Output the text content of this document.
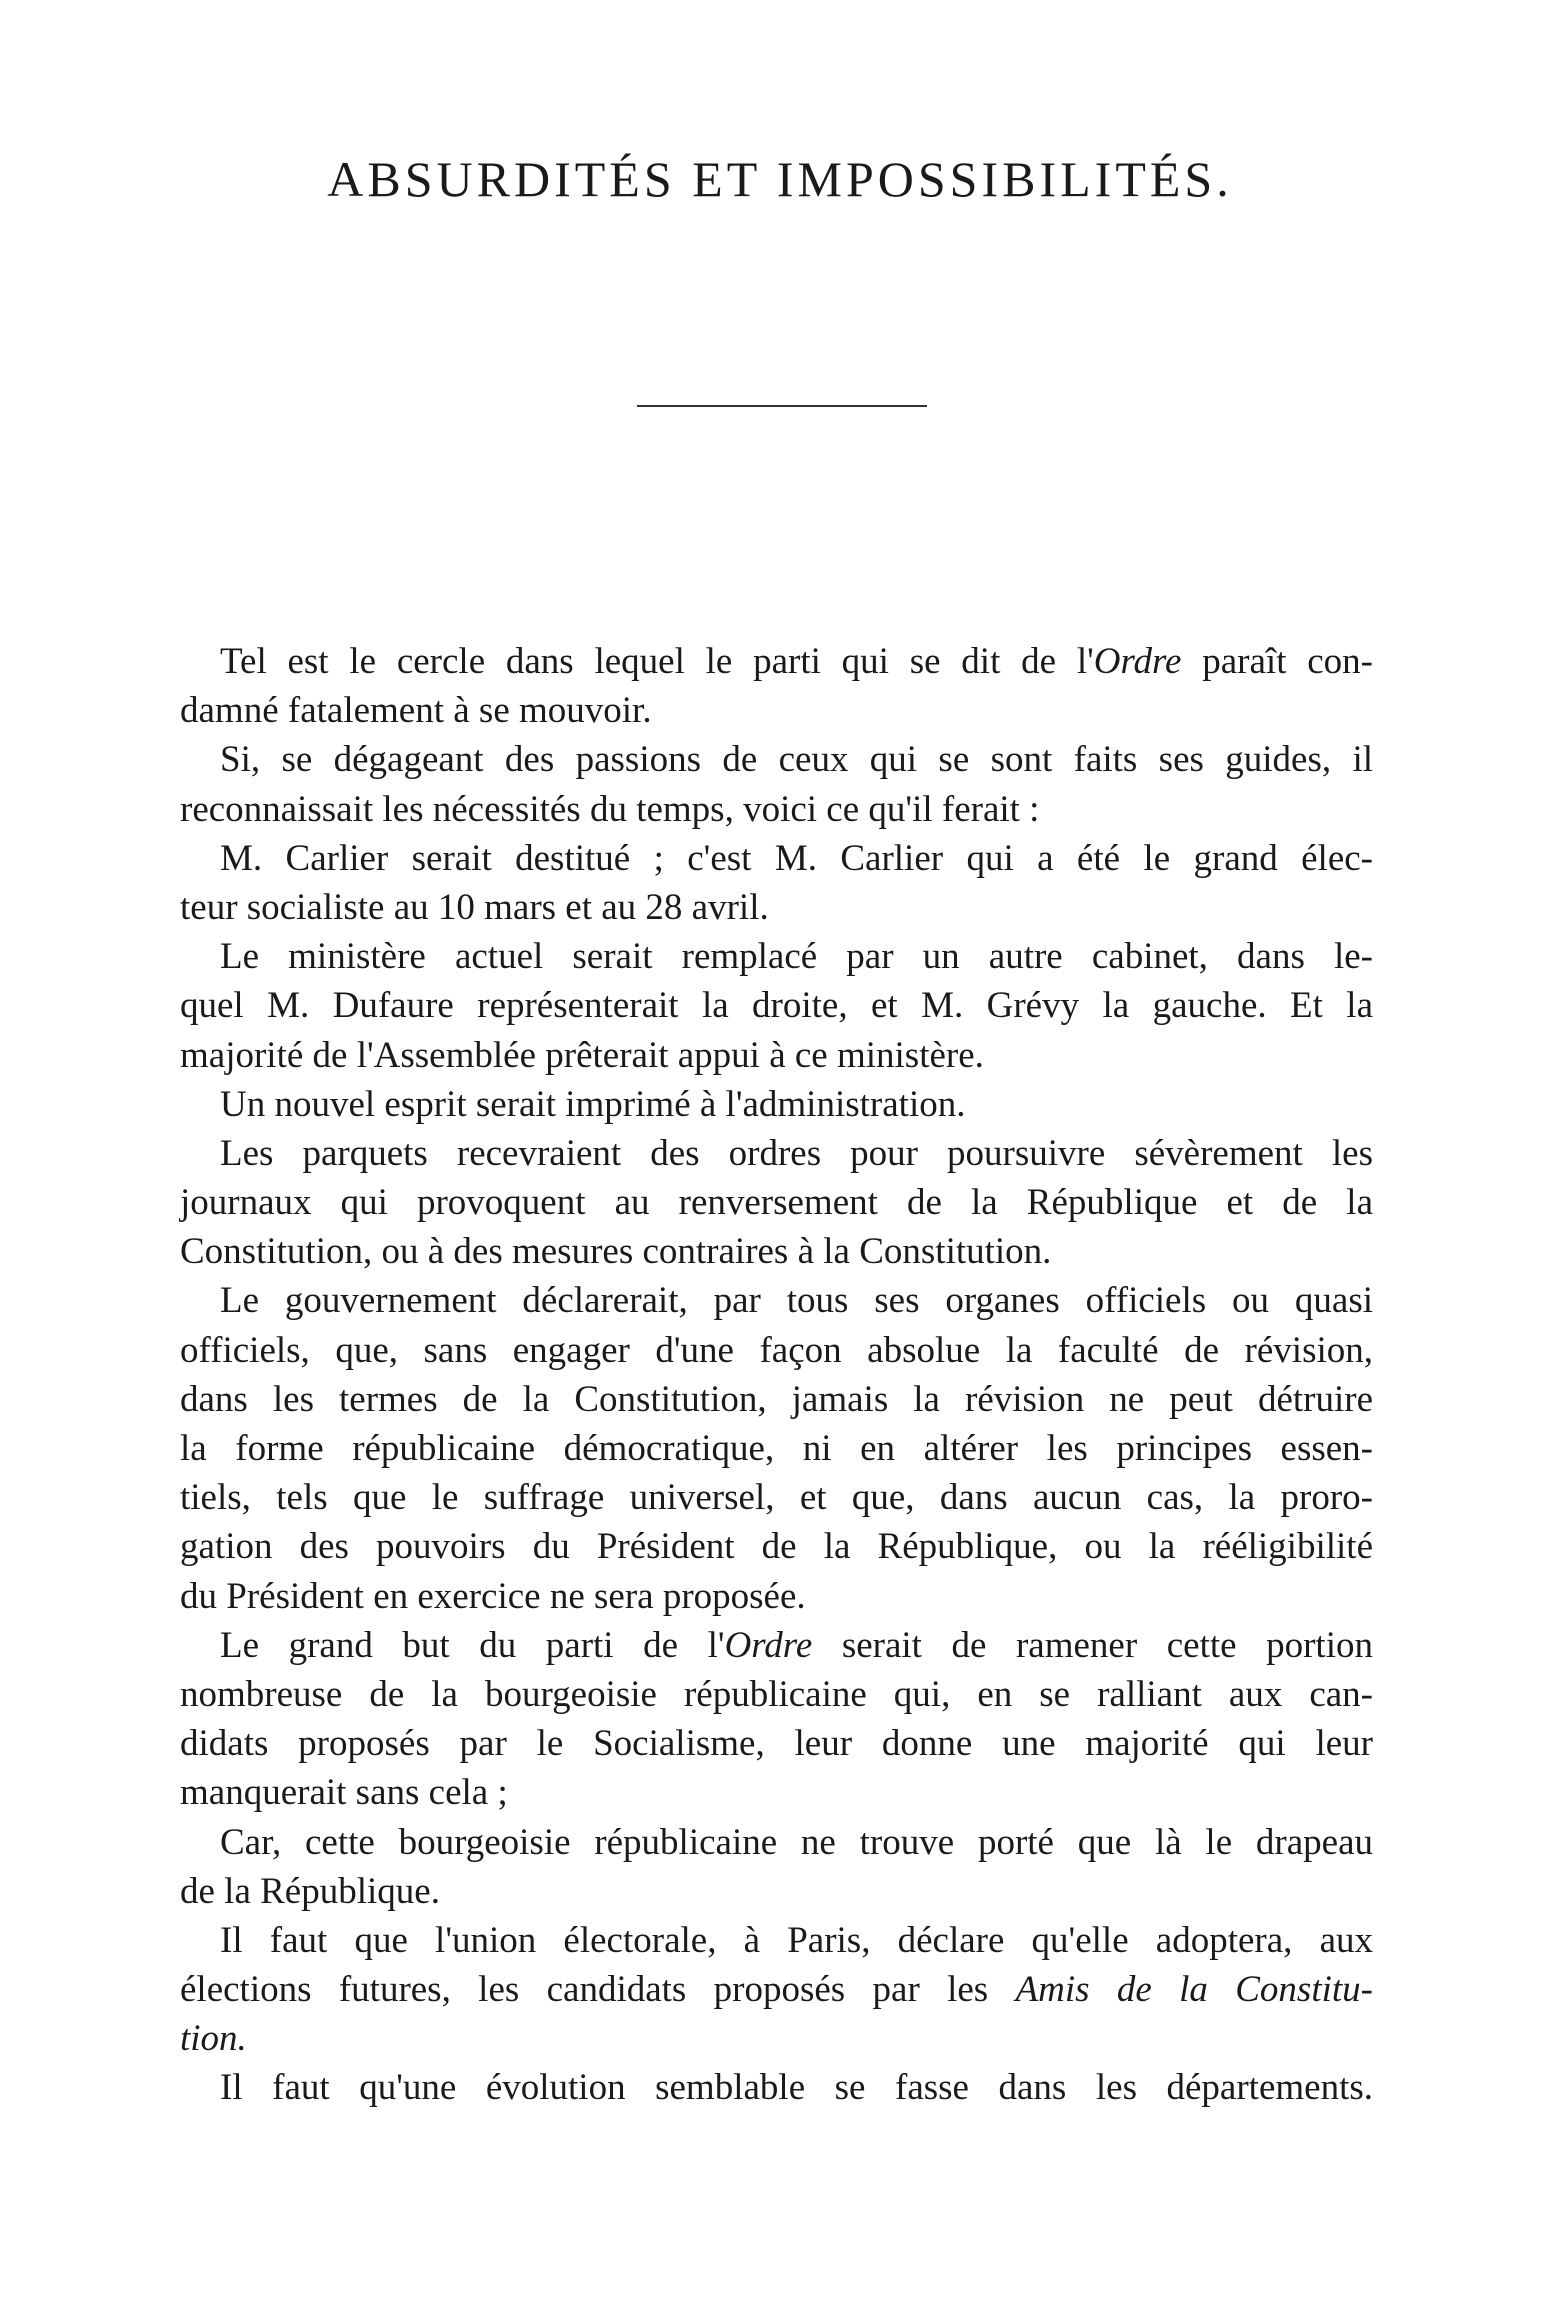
ABSURDITÉS ET IMPOSSIBILITÉS.
Tel est le cercle dans lequel le parti qui se dit de l'Ordre paraît con-
damné fatalement à se mouvoir.
Si, se dégageant des passions de ceux qui se sont faits ses guides, il
reconnaissait les nécessités du temps, voici ce qu'il ferait :
M. Carlier serait destitué ; c'est M. Carlier qui a été le grand élec-
teur socialiste au 10 mars et au 28 avril.
Le ministère actuel serait remplacé par un autre cabinet, dans le-
quel M. Dufaure représenterait la droite, et M. Grévy la gauche. Et la
majorité de l'Assemblée prêterait appui à ce ministère.
Un nouvel esprit serait imprimé à l'administration.
Les parquets recevraient des ordres pour poursuivre sévèrement les
journaux qui provoquent au renversement de la République et de la
Constitution, ou à des mesures contraires à la Constitution.
Le gouvernement déclarerait, par tous ses organes officiels ou quasi
officiels, que, sans engager d'une façon absolue la faculté de révision,
dans les termes de la Constitution, jamais la révision ne peut détruire
la forme républicaine démocratique, ni en altérer les principes essen-
tiels, tels que le suffrage universel, et que, dans aucun cas, la proro-
gation des pouvoirs du Président de la République, ou la rééligibilité
du Président en exercice ne sera proposée.
Le grand but du parti de l'Ordre serait de ramener cette portion
nombreuse de la bourgeoisie républicaine qui, en se ralliant aux can-
didats proposés par le Socialisme, leur donne une majorité qui leur
manquerait sans cela ;
Car, cette bourgeoisie républicaine ne trouve porté que là le drapeau
de la République.
Il faut que l'union électorale, à Paris, déclare qu'elle adoptera, aux
élections futures, les candidats proposés par les Amis de la Constitu-
tion.
Il faut qu'une évolution semblable se fasse dans les départements.
